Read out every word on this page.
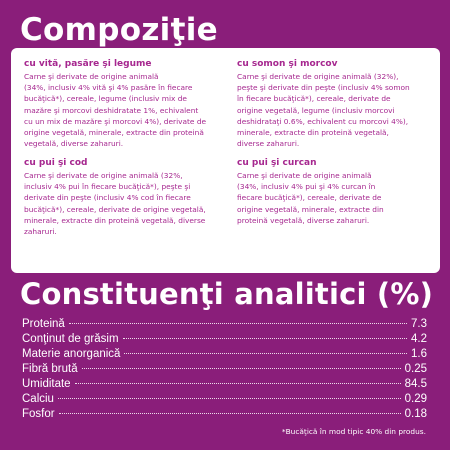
Compoziţie

cu vită, pasăre şi legume

Carne şi derivate de origine animală
(34%, inclusiv 4% vită şi 4% pasăre în fiecare
bucăţică*), cereale, legume (inclusiv mix de
mazăre şi morcovi deshidratate 1%, echivalent
cu un mix de mazăre şi morcovi 4%), derivate de
origine vegetală, minerale, extracte din proteină
vegetală, diverse zaharuri.

cu somon şi morcov

Carne şi derivate de origine animală (32%),
peşte şi derivate din peşte (inclusiv 4% somon
în fiecare bucăţică*), cereale, derivate de
origine vegetală, legume (inclusiv morcovi
deshidrataţi 0.6%, echivalent cu morcovi 4%),
minerale, extracte din proteină vegetală,
diverse zaharuri.

cu pui şi cod

Carne şi derivate de origine animală (32%,
inclusiv 4% pui în fiecare bucăţică*), peşte şi
derivate din peşte (inclusiv 4% cod în fiecare
bucăţică*), cereale, derivate de origine vegetală,
minerale, extracte din proteină vegetală, diverse
zaharuri.

cu pui şi curcan

Carne şi derivate de origine animală
(34%, inclusiv 4% pui şi 4% curcan în
fiecare bucăţică*), cereale, derivate de
origine vegetală, minerale, extracte din
proteină vegetală, diverse zaharuri.

Constituenţi analitici (%)
Proteină	7.3
Conţinut de grăsim	4.2
Materie anorganică	1.6
Fibră brută	0.25
Umiditate	84.5
Calciu	0.29
Fosfor	0.18

*Bucăţică în mod tipic 40% din produs.
